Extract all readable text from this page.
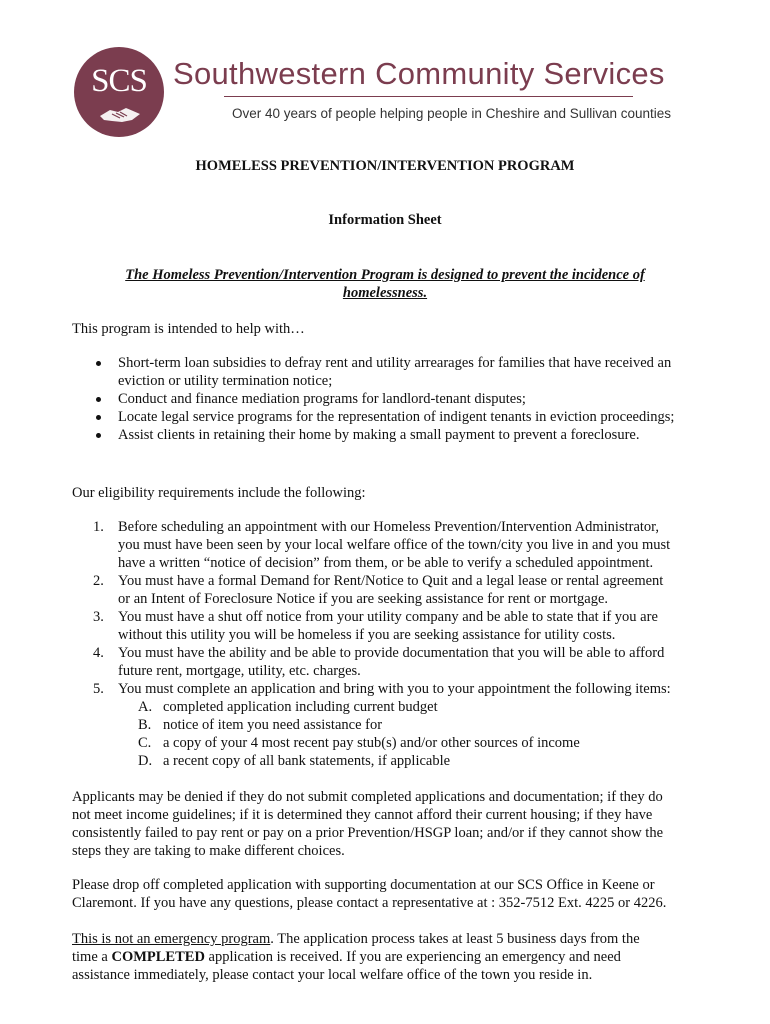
SCS Southwestern Community Services
Over 40 years of people helping people in Cheshire and Sullivan counties
HOMELESS PREVENTION/INTERVENTION PROGRAM
Information Sheet
The Homeless Prevention/Intervention Program is designed to prevent the incidence of
homelessness.
This program is intended to help with…
Short-term loan subsidies to defray rent and utility arrearages for families that have received an
eviction or utility termination notice;
Conduct and finance mediation programs for landlord-tenant disputes;
Locate legal service programs for the representation of indigent tenants in eviction proceedings;
Assist clients in retaining their home by making a small payment to prevent a foreclosure.
Our eligibility requirements include the following:
1. Before scheduling an appointment with our Homeless Prevention/Intervention Administrator,
you must have been seen by your local welfare office of the town/city you live in and you must
have a written “notice of decision” from them, or be able to verify a scheduled appointment.
2. You must have a formal Demand for Rent/Notice to Quit and a legal lease or rental agreement
or an Intent of Foreclosure Notice if you are seeking assistance for rent or mortgage.
3. You must have a shut off notice from your utility company and be able to state that if you are
without this utility you will be homeless if you are seeking assistance for utility costs.
4. You must have the ability and be able to provide documentation that you will be able to afford
future rent, mortgage, utility, etc. charges.
5. You must complete an application and bring with you to your appointment the following items:
A. completed application including current budget
B. notice of item you need assistance for
C. a copy of your 4 most recent pay stub(s) and/or other sources of income
D. a recent copy of all bank statements, if applicable
Applicants may be denied if they do not submit completed applications and documentation; if they do
not meet income guidelines; if it is determined they cannot afford their current housing; if they have
consistently failed to pay rent or pay on a prior Prevention/HSGP loan; and/or if they cannot show the
steps they are taking to make different choices.
Please drop off completed application with supporting documentation at our SCS Office in Keene or
Claremont. If you have any questions, please contact a representative at : 352-7512 Ext. 4225 or 4226.
This is not an emergency program. The application process takes at least 5 business days from the
time a COMPLETED application is received. If you are experiencing an emergency and need
assistance immediately, please contact your local welfare office of the town you reside in.
